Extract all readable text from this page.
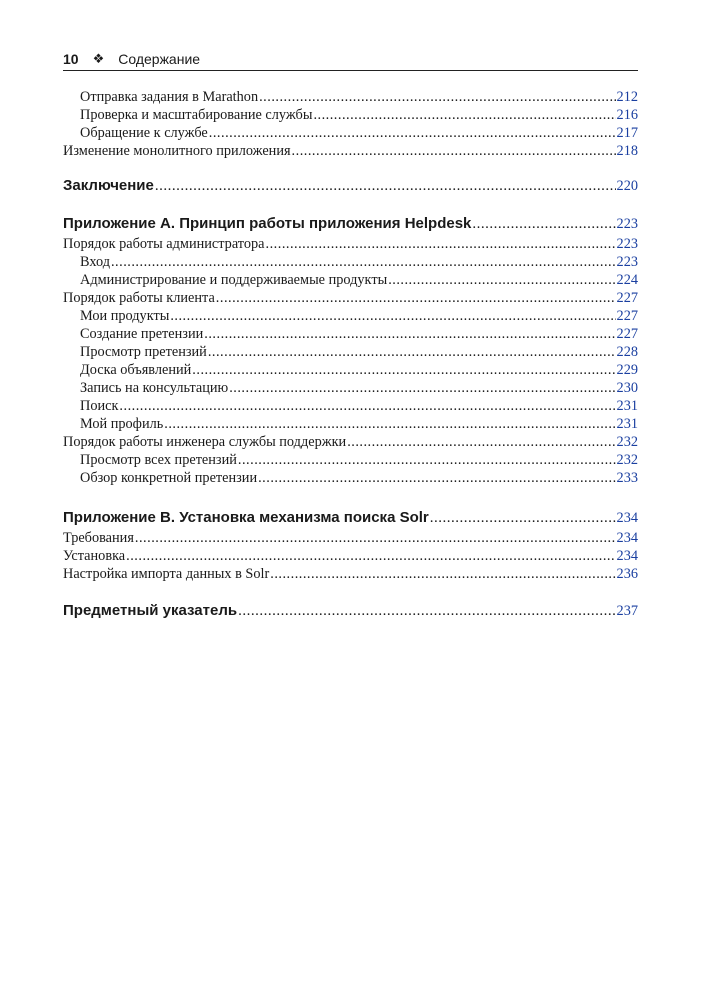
10 ❖ Содержание
Отправка задания в Marathon .....	212
Проверка и масштабирование службы .....	216
Обращение к службе .....	217
Изменение монолитного приложения .....	218
Заключение .....	220
Приложение А. Принцип работы приложения Helpdesk .....	223
Порядок работы администратора .....	223
Вход .....	223
Администрирование и поддерживаемые продукты .....	224
Порядок работы клиента .....	227
Мои продукты .....	227
Создание претензии .....	227
Просмотр претензий .....	228
Доска объявлений .....	229
Запись на консультацию .....	230
Поиск .....	231
Мой профиль .....	231
Порядок работы инженера службы поддержки .....	232
Просмотр всех претензий .....	232
Обзор конкретной претензии .....	233
Приложение В. Установка механизма поиска Solr .....	234
Требования .....	234
Установка .....	234
Настройка импорта данных в Solr .....	236
Предметный указатель .....	237
